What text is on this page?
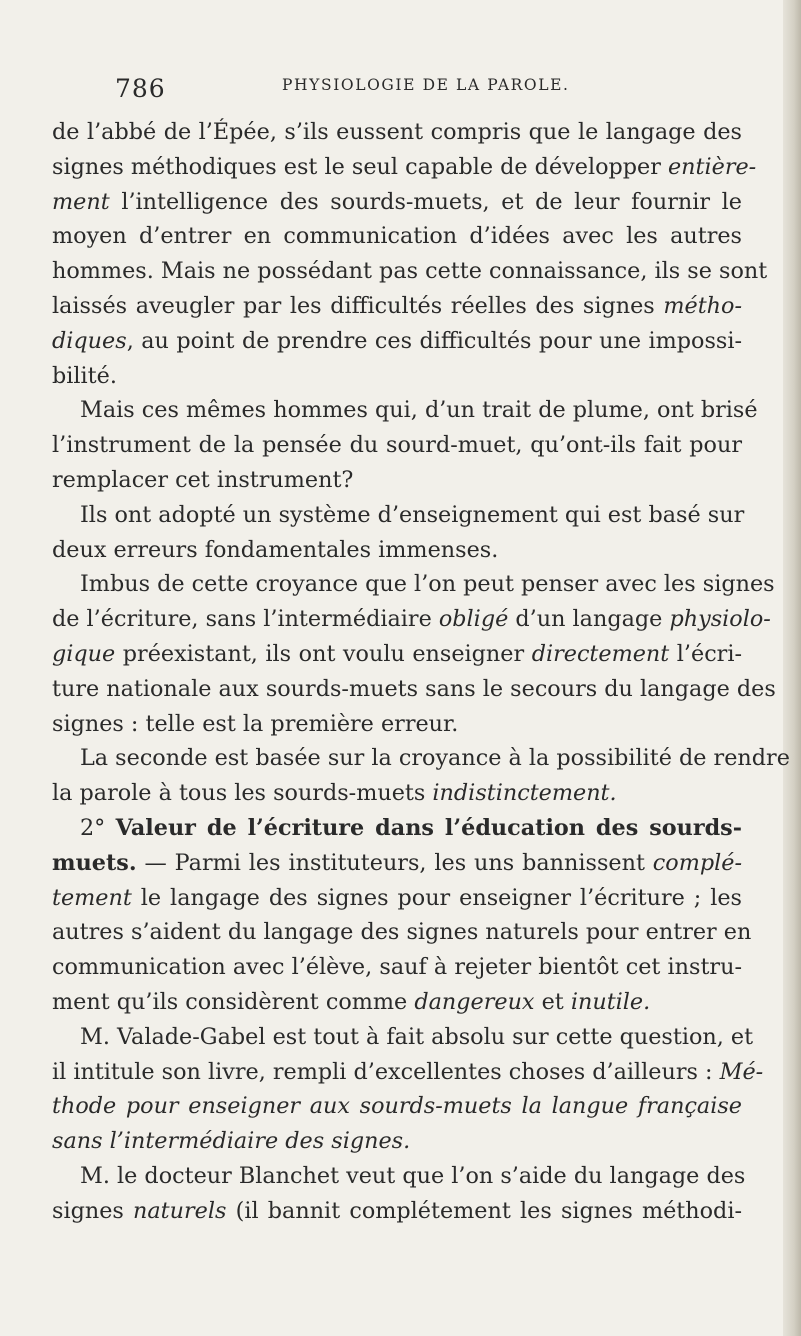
786	PHYSIOLOGIE DE LA PAROLE.
de l’abbé de l’Épée, s’ils eussent compris que le langage des
signes méthodiques est le seul capable de développer entière-
ment l’intelligence des sourds-muets, et de leur fournir le
moyen d’entrer en communication d’idées avec les autres
hommes. Mais ne possédant pas cette connaissance, ils se sont
laissés aveugler par les difficultés réelles des signes métho-
diques, au point de prendre ces difficultés pour une impossi-
bilité.
Mais ces mêmes hommes qui, d’un trait de plume, ont brisé
l’instrument de la pensée du sourd-muet, qu’ont-ils fait pour
remplacer cet instrument?
Ils ont adopté un système d’enseignement qui est basé sur
deux erreurs fondamentales immenses.
Imbus de cette croyance que l’on peut penser avec les signes
de l’écriture, sans l’intermédiaire obligé d’un langage physiolo-
gique préexistant, ils ont voulu enseigner directement l’écri-
ture nationale aux sourds-muets sans le secours du langage des
signes : telle est la première erreur.
La seconde est basée sur la croyance à la possibilité de rendre
la parole à tous les sourds-muets indistinctement.
2° Valeur de l’écriture dans l’éducation des sourds-
muets. — Parmi les instituteurs, les uns bannissent complé-
tement le langage des signes pour enseigner l’écriture ; les
autres s’aident du langage des signes naturels pour entrer en
communication avec l’élève, sauf à rejeter bientôt cet instru-
ment qu’ils considèrent comme dangereux et inutile.
M. Valade-Gabel est tout à fait absolu sur cette question, et
il intitule son livre, rempli d’excellentes choses d’ailleurs : Mé-
thode pour enseigner aux sourds-muets la langue française
sans l’intermédiaire des signes.
M. le docteur Blanchet veut que l’on s’aide du langage des
signes naturels (il bannit complétement les signes méthodi-
